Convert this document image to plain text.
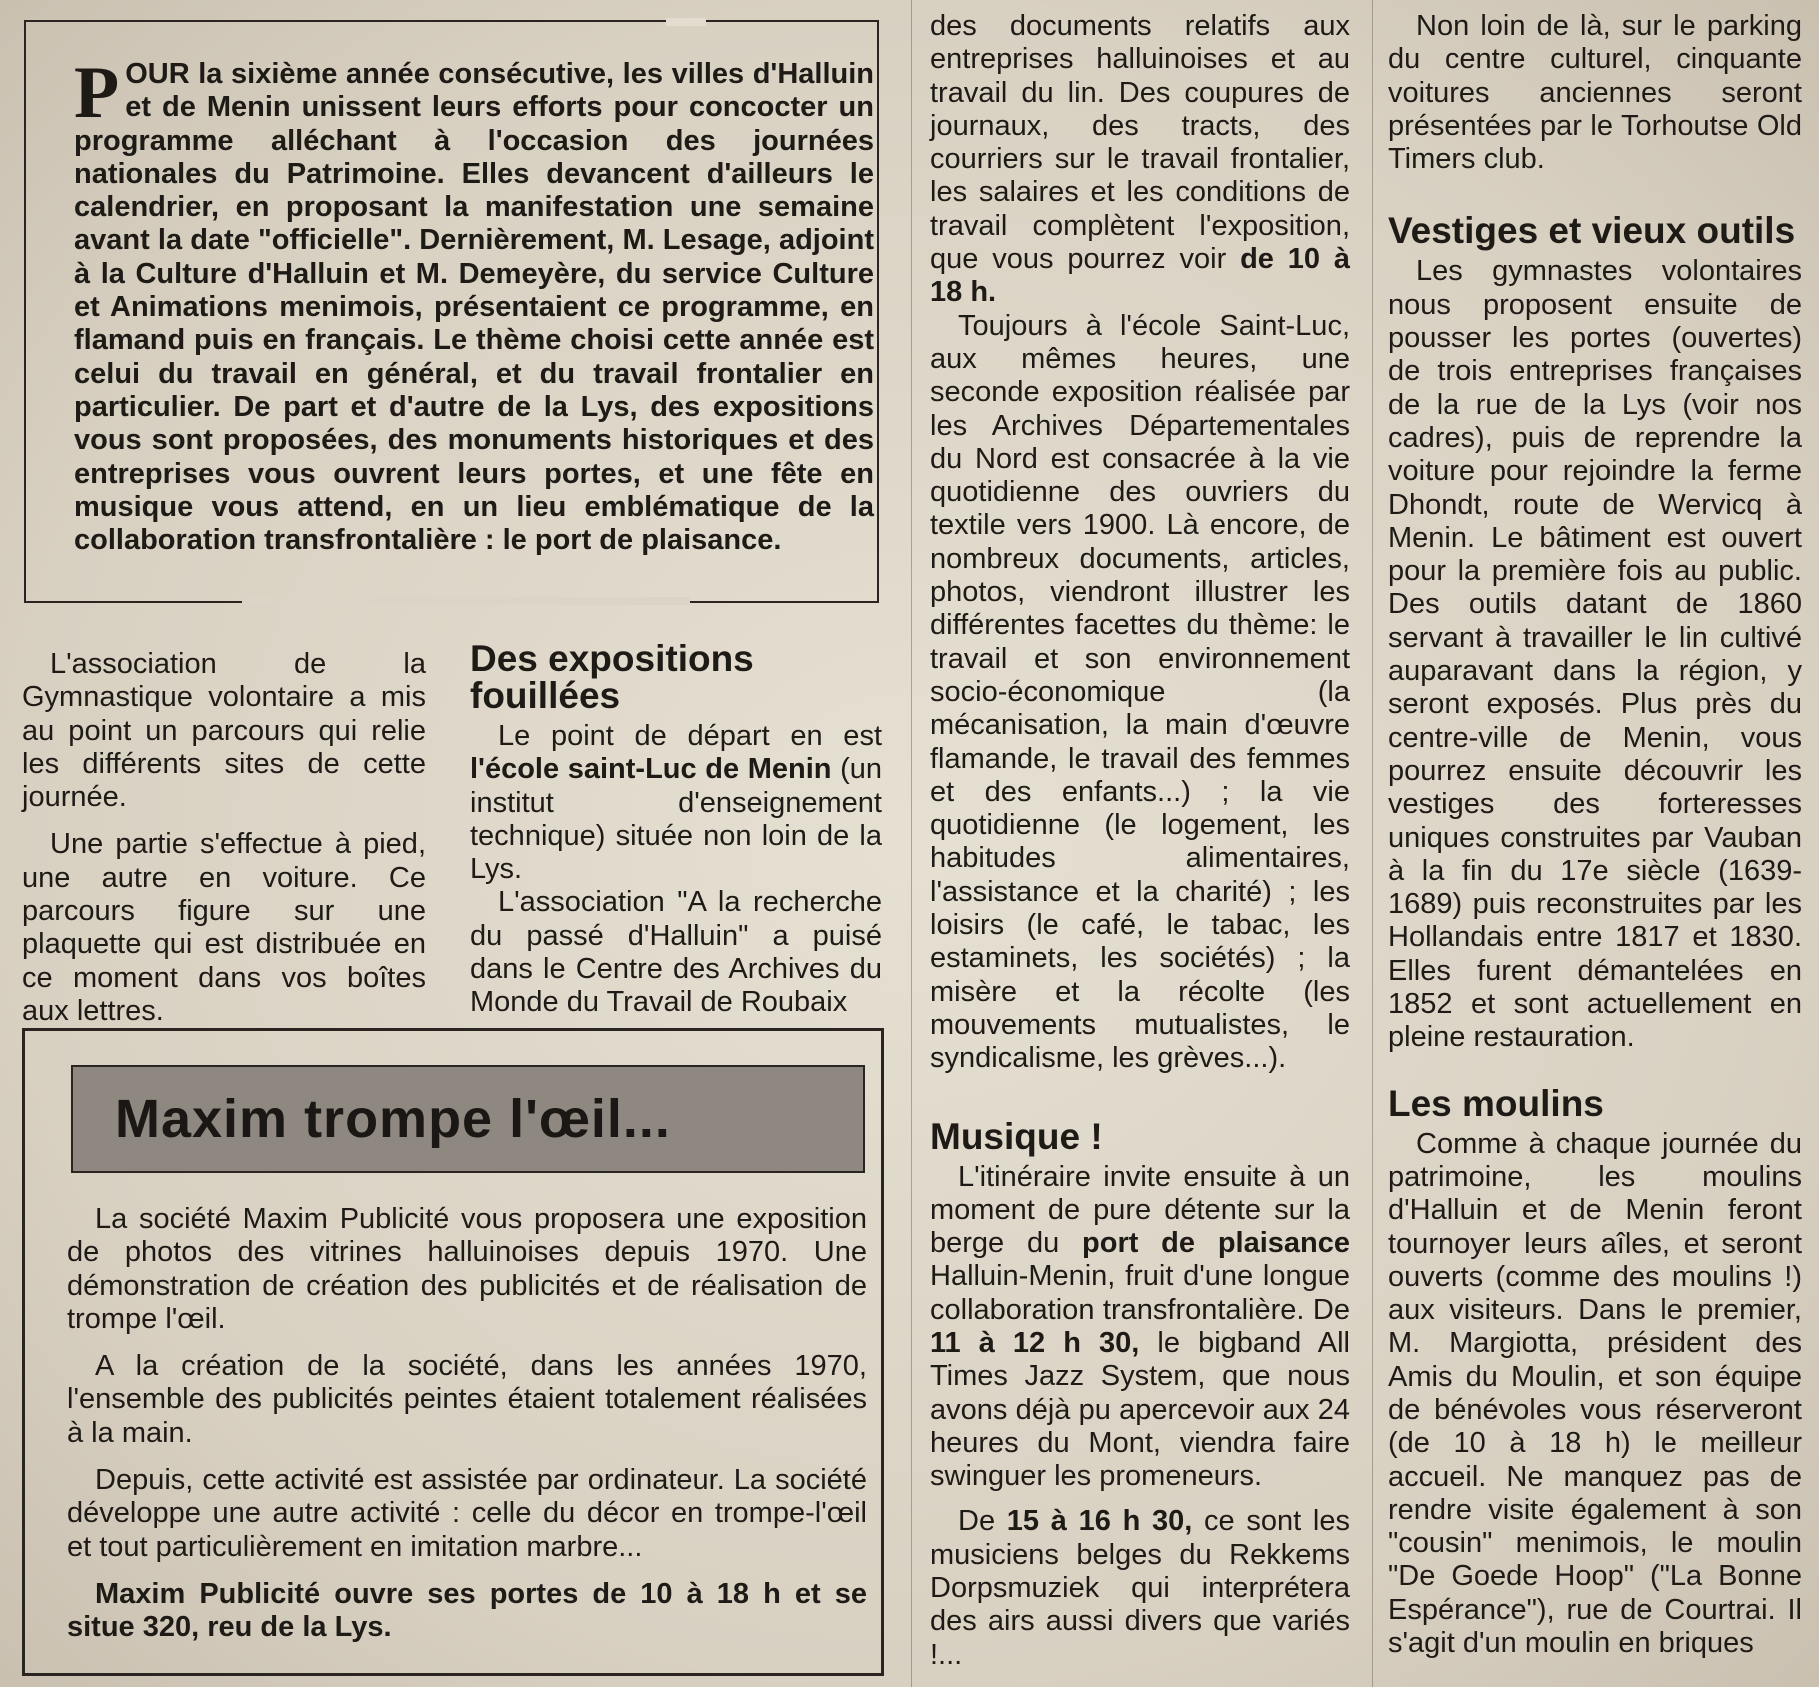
P OUR la sixième année consécutive, les villes d'Halluin et de Menin unissent leurs efforts pour concocter un programme alléchant à l'occasion des journées nationales du Patrimoine. Elles devancent d'ailleurs le calendrier, en proposant la manifestation une semaine avant la date "officielle". Dernièrement, M. Lesage, adjoint à la Culture d'Halluin et M. Demeyère, du service Culture et Animations menimois, présentaient ce programme, en flamand puis en français. Le thème choisi cette année est celui du travail en général, et du travail frontalier en particulier. De part et d'autre de la Lys, des expositions vous sont proposées, des monuments historiques et des entreprises vous ouvrent leurs portes, et une fête en musique vous attend, en un lieu emblématique de la collaboration transfrontalière : le port de plaisance.

L'association de la Gymnastique volontaire a mis au point un parcours qui relie les différents sites de cette journée.

Une partie s'effectue à pied, une autre en voiture. Ce parcours figure sur une plaquette qui est distribuée en ce moment dans vos boîtes aux lettres.

Des expositions fouillées

Le point de départ en est l'école saint-Luc de Menin (un institut d'enseignement technique) située non loin de la Lys.

L'association "A la recherche du passé d'Halluin" a puisé dans le Centre des Archives du Monde du Travail de Roubaix

Maxim trompe l'œil...

La société Maxim Publicité vous proposera une exposition de photos des vitrines halluinoises depuis 1970. Une démonstration de création des publicités et de réalisation de trompe l'œil.

A la création de la société, dans les années 1970, l'ensemble des publicités peintes étaient totalement réalisées à la main.

Depuis, cette activité est assistée par ordinateur. La société développe une autre activité : celle du décor en trompe-l'œil et tout particulièrement en imitation marbre...

Maxim Publicité ouvre ses portes de 10 à 18 h et se situe 320, reu de la Lys.

des documents relatifs aux entreprises halluinoises et au travail du lin. Des coupures de journaux, des tracts, des courriers sur le travail frontalier, les salaires et les conditions de travail complètent l'exposition, que vous pourrez voir de 10 à 18 h.

Toujours à l'école Saint-Luc, aux mêmes heures, une seconde exposition réalisée par les Archives Départementales du Nord est consacrée à la vie quotidienne des ouvriers du textile vers 1900. Là encore, de nombreux documents, articles, photos, viendront illustrer les différentes facettes du thème: le travail et son environnement socio-économique (la mécanisation, la main d'œuvre flamande, le travail des femmes et des enfants...) ; la vie quotidienne (le logement, les habitudes alimentaires, l'assistance et la charité) ; les loisirs (le café, le tabac, les estaminets, les sociétés) ; la misère et la récolte (les mouvements mutualistes, le syndicalisme, les grèves...).

Musique !

L'itinéraire invite ensuite à un moment de pure détente sur la berge du port de plaisance Halluin-Menin, fruit d'une longue collaboration transfrontalière. De 11 à 12 h 30, le bigband All Times Jazz System, que nous avons déjà pu apercevoir aux 24 heures du Mont, viendra faire swinguer les promeneurs.

De 15 à 16 h 30, ce sont les musiciens belges du Rekkems Dorpsmuziek qui interprétera des airs aussi divers que variés !...

Non loin de là, sur le parking du centre culturel, cinquante voitures anciennes seront présentées par le Torhoutse Old Timers club.

Vestiges et vieux outils

Les gymnastes volontaires nous proposent ensuite de pousser les portes (ouvertes) de trois entreprises françaises de la rue de la Lys (voir nos cadres), puis de reprendre la voiture pour rejoindre la ferme Dhondt, route de Wervicq à Menin. Le bâtiment est ouvert pour la première fois au public. Des outils datant de 1860 servant à travailler le lin cultivé auparavant dans la région, y seront exposés. Plus près du centre-ville de Menin, vous pourrez ensuite découvrir les vestiges des forteresses uniques construites par Vauban à la fin du 17e siècle (1639-1689) puis reconstruites par les Hollandais entre 1817 et 1830. Elles furent démantelées en 1852 et sont actuellement en pleine restauration.

Les moulins

Comme à chaque journée du patrimoine, les moulins d'Halluin et de Menin feront tournoyer leurs aîles, et seront ouverts (comme des moulins !) aux visiteurs. Dans le premier, M. Margiotta, président des Amis du Moulin, et son équipe de bénévoles vous réserveront (de 10 à 18 h) le meilleur accueil. Ne manquez pas de rendre visite également à son "cousin" menimois, le moulin "De Goede Hoop" ("La Bonne Espérance"), rue de Courtrai. Il s'agit d'un moulin en briques
